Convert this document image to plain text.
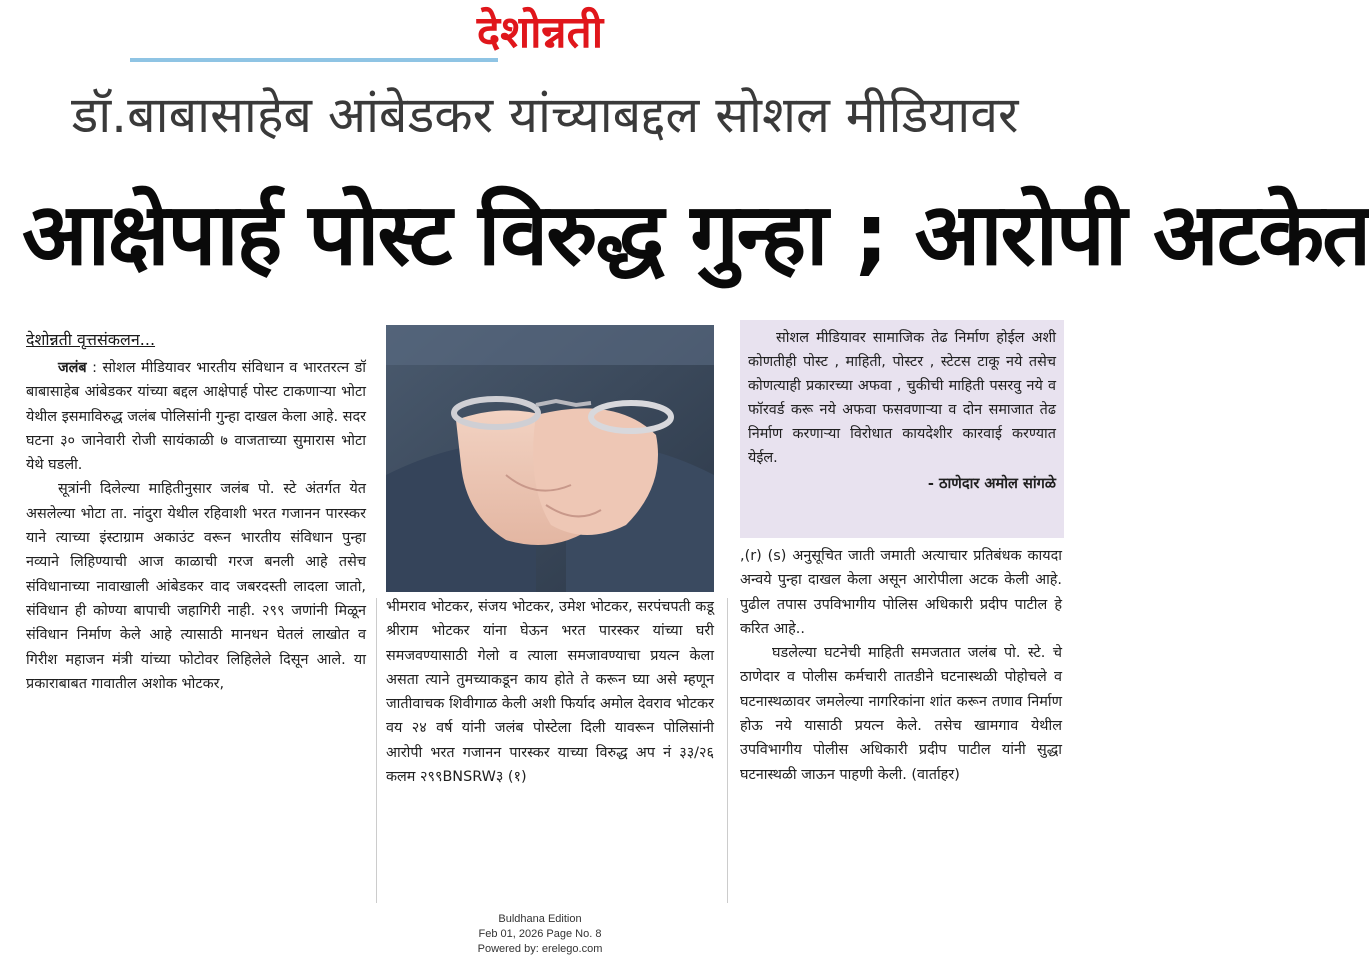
देशोन्नती
डॉ.बाबासाहेब आंबेडकर यांच्याबद्दल सोशल मीडियावर
आक्षेपार्ह पोस्ट विरुद्ध गुन्हा ; आरोपी अटकेत
देशोन्नती वृत्तसंकलन...

जलंब : सोशल मीडियावर भारतीय संविधान व भारतरत्न डॉ बाबासाहेब आंबेडकर यांच्या बद्दल आक्षेपार्ह पोस्ट टाकणाऱ्या भोटा येथील इसमाविरुद्ध जलंब पोलिसांनी गुन्हा दाखल केला आहे. सदर घटना ३० जानेवारी रोजी सायंकाळी ७ वाजताच्या सुमारास भोटा येथे घडली.

सूत्रांनी दिलेल्या माहितीनुसार जलंब पो. स्टे अंतर्गत येत असलेल्या भोटा ता. नांदुरा येथील रहिवाशी भरत गजानन पारस्कर याने त्याच्या इंस्टाग्राम अकाउंट वरून भारतीय संविधान पुन्हा नव्याने लिहिण्याची आज काळाची गरज बनली आहे तसेच संविधानाच्या नावाखाली आंबेडकर वाद जबरदस्ती लादला जातो, संविधान ही कोण्या बापाची जहागिरी नाही. २९९ जणांनी मिळून संविधान निर्माण केले आहे त्यासाठी मानधन घेतलं लाखोत व गिरीश महाजन मंत्री यांच्या फोटोवर लिहिलेले दिसून आले. या प्रकाराबाबत गावातील अशोक भोटकर,

सोशल मीडियावर सामाजिक तेढ निर्माण होईल अशी कोणतीही पोस्ट , माहिती, पोस्टर , स्टेटस टाकू नये तसेच कोणत्याही प्रकारच्या अफवा , चुकीची माहिती पसरवु नये व फॉरवर्ड करू नये अफवा फसवणाऱ्या व दोन समाजात तेढ निर्माण करणाऱ्या विरोधात कायदेशीर कारवाई करण्यात येईल.

- ठाणेदार अमोल सांगळे

भीमराव भोटकर, संजय भोटकर, उमेश भोटकर, सरपंचपती कडू श्रीराम भोटकर यांना घेऊन भरत पारस्कर यांच्या घरी समजवण्यासाठी गेलो व त्याला समजावण्याचा प्रयत्न केला असता त्याने तुमच्याकडून काय होते ते करून घ्या असे म्हणून जातीवाचक शिवीगाळ केली अशी फिर्याद अमोल देवराव भोटकर वय २४ वर्ष यांनी जलंब पोस्टेला दिली यावरून पोलिसांनी आरोपी भरत गजानन पारस्कर याच्या विरुद्ध अप नं ३३/२६ कलम २९९BNSRW३ (१)

,(r) (s) अनुसूचित जाती जमाती अत्याचार प्रतिबंधक कायदा अन्वये पुन्हा दाखल केला असून आरोपीला अटक केली आहे. पुढील तपास उपविभागीय पोलिस अधिकारी प्रदीप पाटील हे करित आहे..

घडलेल्या घटनेची माहिती समजतात जलंब पो. स्टे. चे ठाणेदार व पोलीस कर्मचारी तातडीने घटनास्थळी पोहोचले व घटनास्थळावर जमलेल्या नागरिकांना शांत करून तणाव निर्माण होऊ नये यासाठी प्रयत्न केले. तसेच खामगाव येथील उपविभागीय पोलीस अधिकारी प्रदीप पाटील यांनी सुद्धा घटनास्थळी जाऊन पाहणी केली. (वार्ताहर)

Buldhana Edition
Feb 01, 2026 Page No. 8
Powered by: erelego.com
